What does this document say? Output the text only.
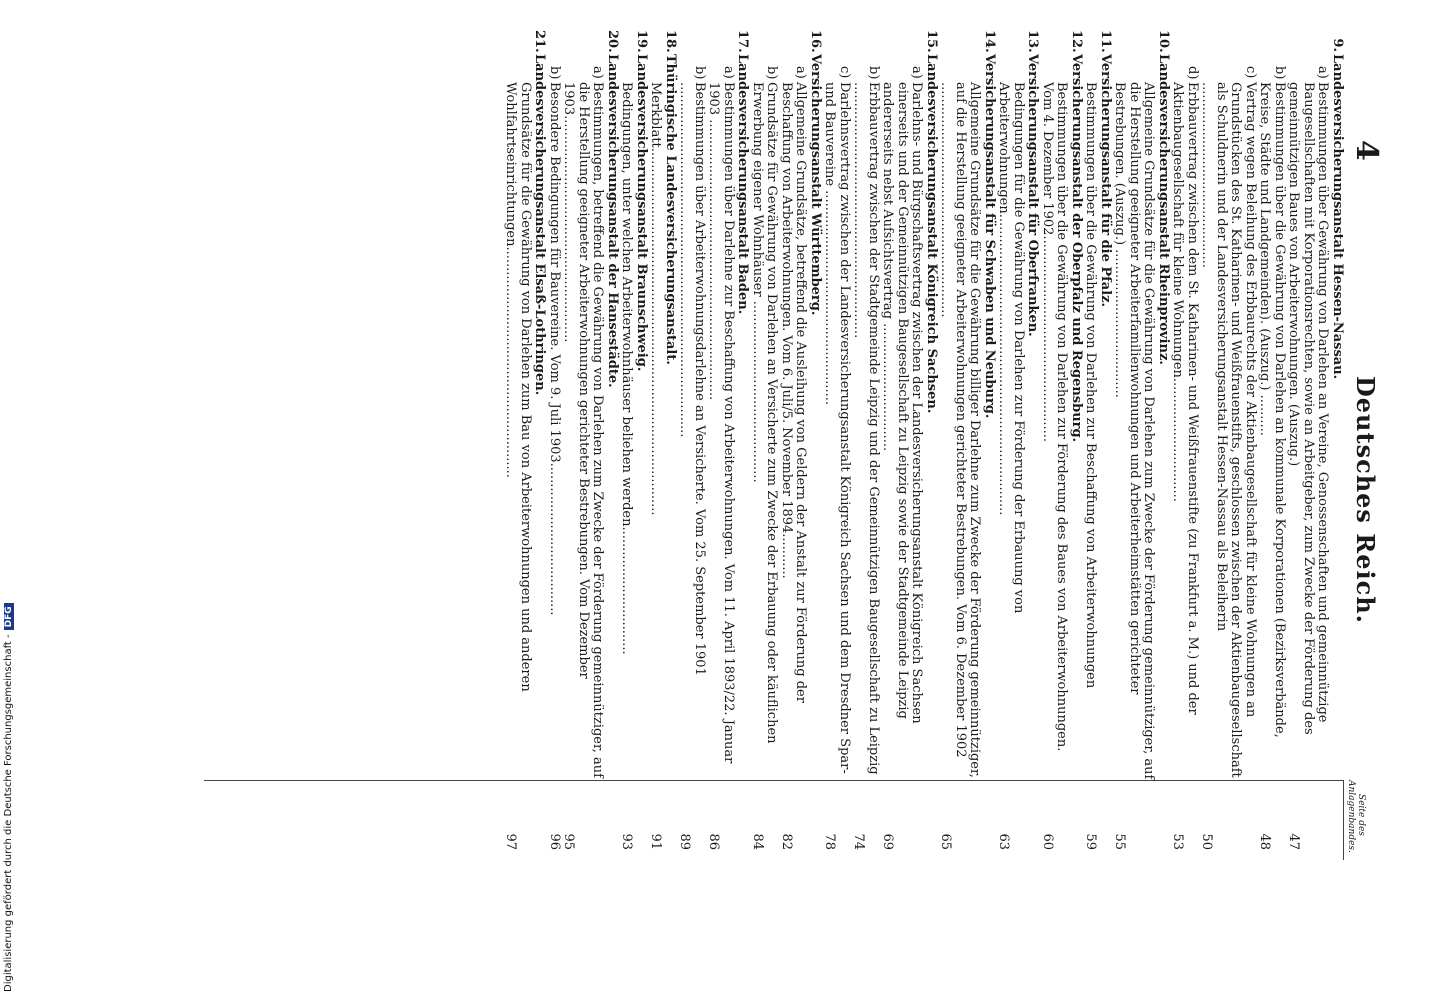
Digitalisierung gefördert durch die Deutsche Forschungsgemeinschaft -DFG
4
Deutsches Reich.
Seite des Anlagenbandes.
9.
Landesversicherungsanstalt Hessen-Nassau.
a)
Bestimmungen über Gewährung von Darlehen an Vereine, Genossenschaften und gemeinnützige Baugesellschaften mit Korporationsrechten, sowie an Arbeitgeber, zum Zwecke der Förderung des gemeinnützigen Baues von Arbeiterwohnungen. (Auszug.)
47
b)
Bestimmungen über die Gewährung von Darlehen an kommunale Korporationen (Bezirksverbände, Kreise, Städte und Landgemeinden). (Auszug.) ..........
48
c)
Vertrag wegen Beleihung des Erbbaurechts der Aktienbaugesellschaft für kleine Wohnungen an Grundstücken des St. Katharinen- und Weißfrauenstifts, geschlossen zwischen der Aktienbaugesellschaft als Schuldnerin und der Landesversicherungsanstalt Hessen-Nassau als Beleiherin .............................................
50
d)
Erbbauvertrag zwischen dem St. Katharinen- und Weißfrauenstifte (zu Frankfurt a. M.) und der Aktienbaugesellschaft für kleine Wohnungen..............................
53
10.
Landesversicherungsanstalt Rheinprovinz.
Allgemeine Grundsätze für die Gewährung von Darlehen zum Zwecke der Förderung gemeinnütziger, auf die Herstellung geeigneter Arbeiterfamilienwohnungen und Arbeiterheimstätten gerichteter Bestrebungen. (Auszug.) ....................................
55
11.
Versicherungsanstalt für die Pfalz.
Bestimmungen über die Gewährung von Darlehen zur Beschaffung von Arbeiterwohnungen
59
12.
Versicherungsanstalt der Oberpfalz und Regensburg.
Bestimmungen über die Gewährung von Darlehen zur Förderung des Baues von Arbeiterwohnungen. Vom 4. Dezember 1902..................................................
60
13.
Versicherungsanstalt für Oberfranken.
Bedingungen für die Gewährung von Darlehen zur Förderung der Erbauung von Arbeiterwohnungen.........................................................................
63
14.
Versicherungsanstalt für Schwaben und Neuburg.
Allgemeine Grundsätze für die Gewährung billiger Darlehne zum Zwecke der Förderung gemeinnütziger, auf die Herstellung geeigneter Arbeiterwohnungen gerichteter Bestrebungen. Vom 6. Dezember 1902 .........................................................
65
15.
Landesversicherungsanstalt Königreich Sachsen.
a)
Darlehns- und Bürgschaftsvertrag zwischen der Landesversicherungsanstalt Königreich Sachsen einerseits und der Gemeinnützigen Baugesellschaft zu Leipzig sowie der Stadtgemeinde Leipzig andererseits nebst Aufsichtsvertrag ...............................
69
b)
Erbbauvertrag zwischen der Stadtgemeinde Leipzig und der Gemeinnützigen Baugesellschaft zu Leipzig ..............................................................
74
c)
Darlehnsvertrag zwischen der Landesversicherungsanstalt Königreich Sachsen und dem Dresdner Spar- und Bauvereine ....................................................
78
16.
Versicherungsanstalt Württemberg.
a)
Allgemeine Grundsätze, betreffend die Ausleihung von Geldern der Anstalt zur Förderung der Beschaffung von Arbeiterwohnungen. Vom 6. Juli/5. November 1894...........
82
b)
Grundsätze für Gewährung von Darlehen an Versicherte zum Zwecke der Erbauung oder käuflichen Erwerbung eigener Wohnhäuser ............................................
84
17.
Landesversicherungsanstalt Baden.
a)
Bestimmungen über Darlehne zur Beschaffung von Arbeiterwohnungen. Vom 11. April 1893/22. Januar 1903 ....................................................................
86
b)
Bestimmungen über Arbeiterwohnungsdarlehne an Versicherte. Vom 25. September 1901 ......................................................................................
89
18.
Thüringische Landesversicherungsanstalt.
Merkblatt.........................................................................................
91
19.
Landesversicherungsanstalt Braunschweig.
Bedingungen, unter welchen Arbeiterwohnhäuser beliehen werden...............................
93
20.
Landesversicherungsanstalt der Hansestädte.
a)
Bestimmungen, betreffend die Gewährung von Darlehen zum Zwecke der Förderung gemeinnütziger, auf die Herstellung geeigneter Arbeiterwohnungen gerichteter Bestrebungen. Vom Dezember 1903.......................................................
95
b)
Besondere Bedingungen für Bauvereine. Vom 9. Juli 1903.....................................
96
21.
Landesversicherungsanstalt Elsaß-Lothringen.
Grundsätze für die Gewährung von Darlehen zum Bau von Arbeiterwohnungen und anderen Wohlfahrtseinrichtungen........................................................
97
